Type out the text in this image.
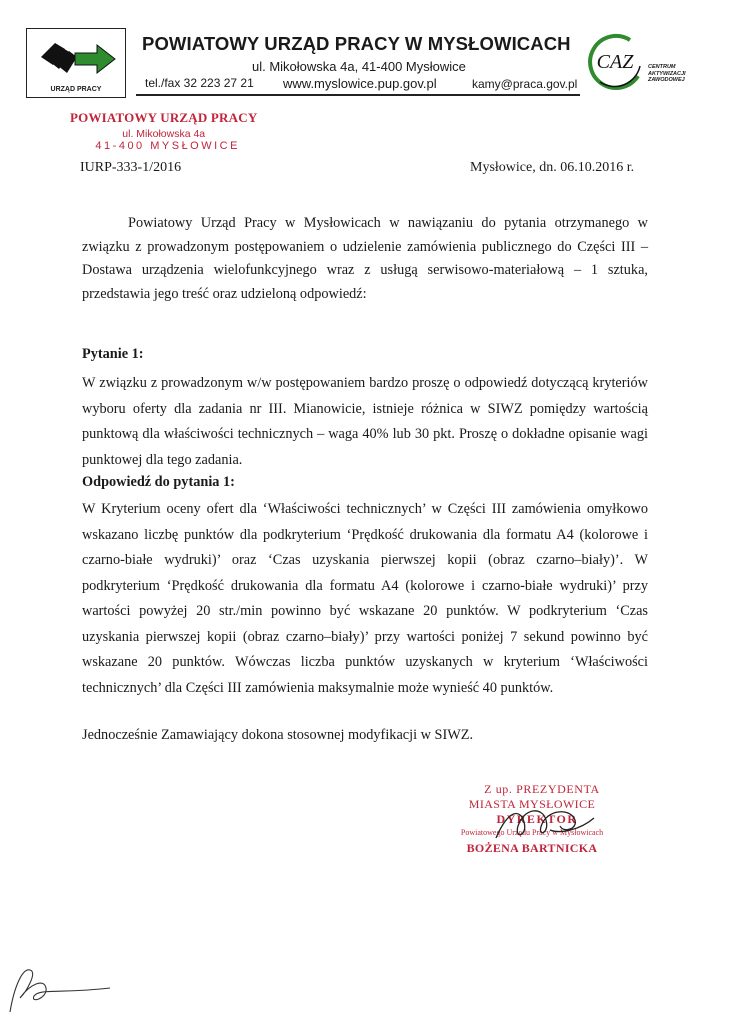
URZĄD PRACY
POWIATOWY URZĄD PRACY W MYSŁOWICACH
ul. Mikołowska 4a, 41-400 Mysłowice
tel./fax 32 223 27 21 www.myslowice.pup.gov.pl	kamy@praca.gov.pl
CAZ	CENTRUM
AKTYWIZACJI
ZAWODOWEJ
POWIATOWY URZĄD PRACY
ul. Mikołowska 4a
41-400 MYSŁOWICE
IURP-333-1/2016	Mysłowice, dn. 06.10.2016 r.
Powiatowy Urząd Pracy w Mysłowicach w nawiązaniu do pytania otrzymanego w związku z prowadzonym postępowaniem o udzielenie zamówienia publicznego do Części III – Dostawa urządzenia wielofunkcyjnego wraz z usługą serwisowo-materiałową – 1 sztuka, przedstawia jego treść oraz udzieloną odpowiedź:
Pytanie 1:
W związku z prowadzonym w/w postępowaniem bardzo proszę o odpowiedź dotyczącą kryteriów wyboru oferty dla zadania nr III. Mianowicie, istnieje różnica w SIWZ pomiędzy wartością punktową dla właściwości technicznych – waga 40% lub 30 pkt. Proszę o dokładne opisanie wagi punktowej dla tego zadania.
Odpowiedź do pytania 1:
W Kryterium oceny ofert dla ‘Właściwości technicznych’ w Części III zamówienia omyłkowo wskazano liczbę punktów dla podkryterium ‘Prędkość drukowania dla formatu A4 (kolorowe i czarno-białe wydruki)’ oraz ‘Czas uzyskania pierwszej kopii (obraz czarno–biały)’. W podkryterium ‘Prędkość drukowania dla formatu A4 (kolorowe i czarno-białe wydruki)’ przy wartości powyżej 20 str./min powinno być wskazane 20 punktów. W podkryterium ‘Czas uzyskania pierwszej kopii (obraz czarno–biały)’ przy wartości poniżej 7 sekund powinno być wskazane 20 punktów. Wówczas liczba punktów uzyskanych w kryterium ‘Właściwości technicznych’ dla Części III zamówienia maksymalnie może wynieść 40 punktów.
Jednocześnie Zamawiający dokona stosownej modyfikacji w SIWZ.
Z up. PREZYDENTA
MIASTA MYSŁOWICE
DYREKTOR
Powiatowego Urzędu Pracy w Mysłowicach
BOŻENA BARTNICKA
